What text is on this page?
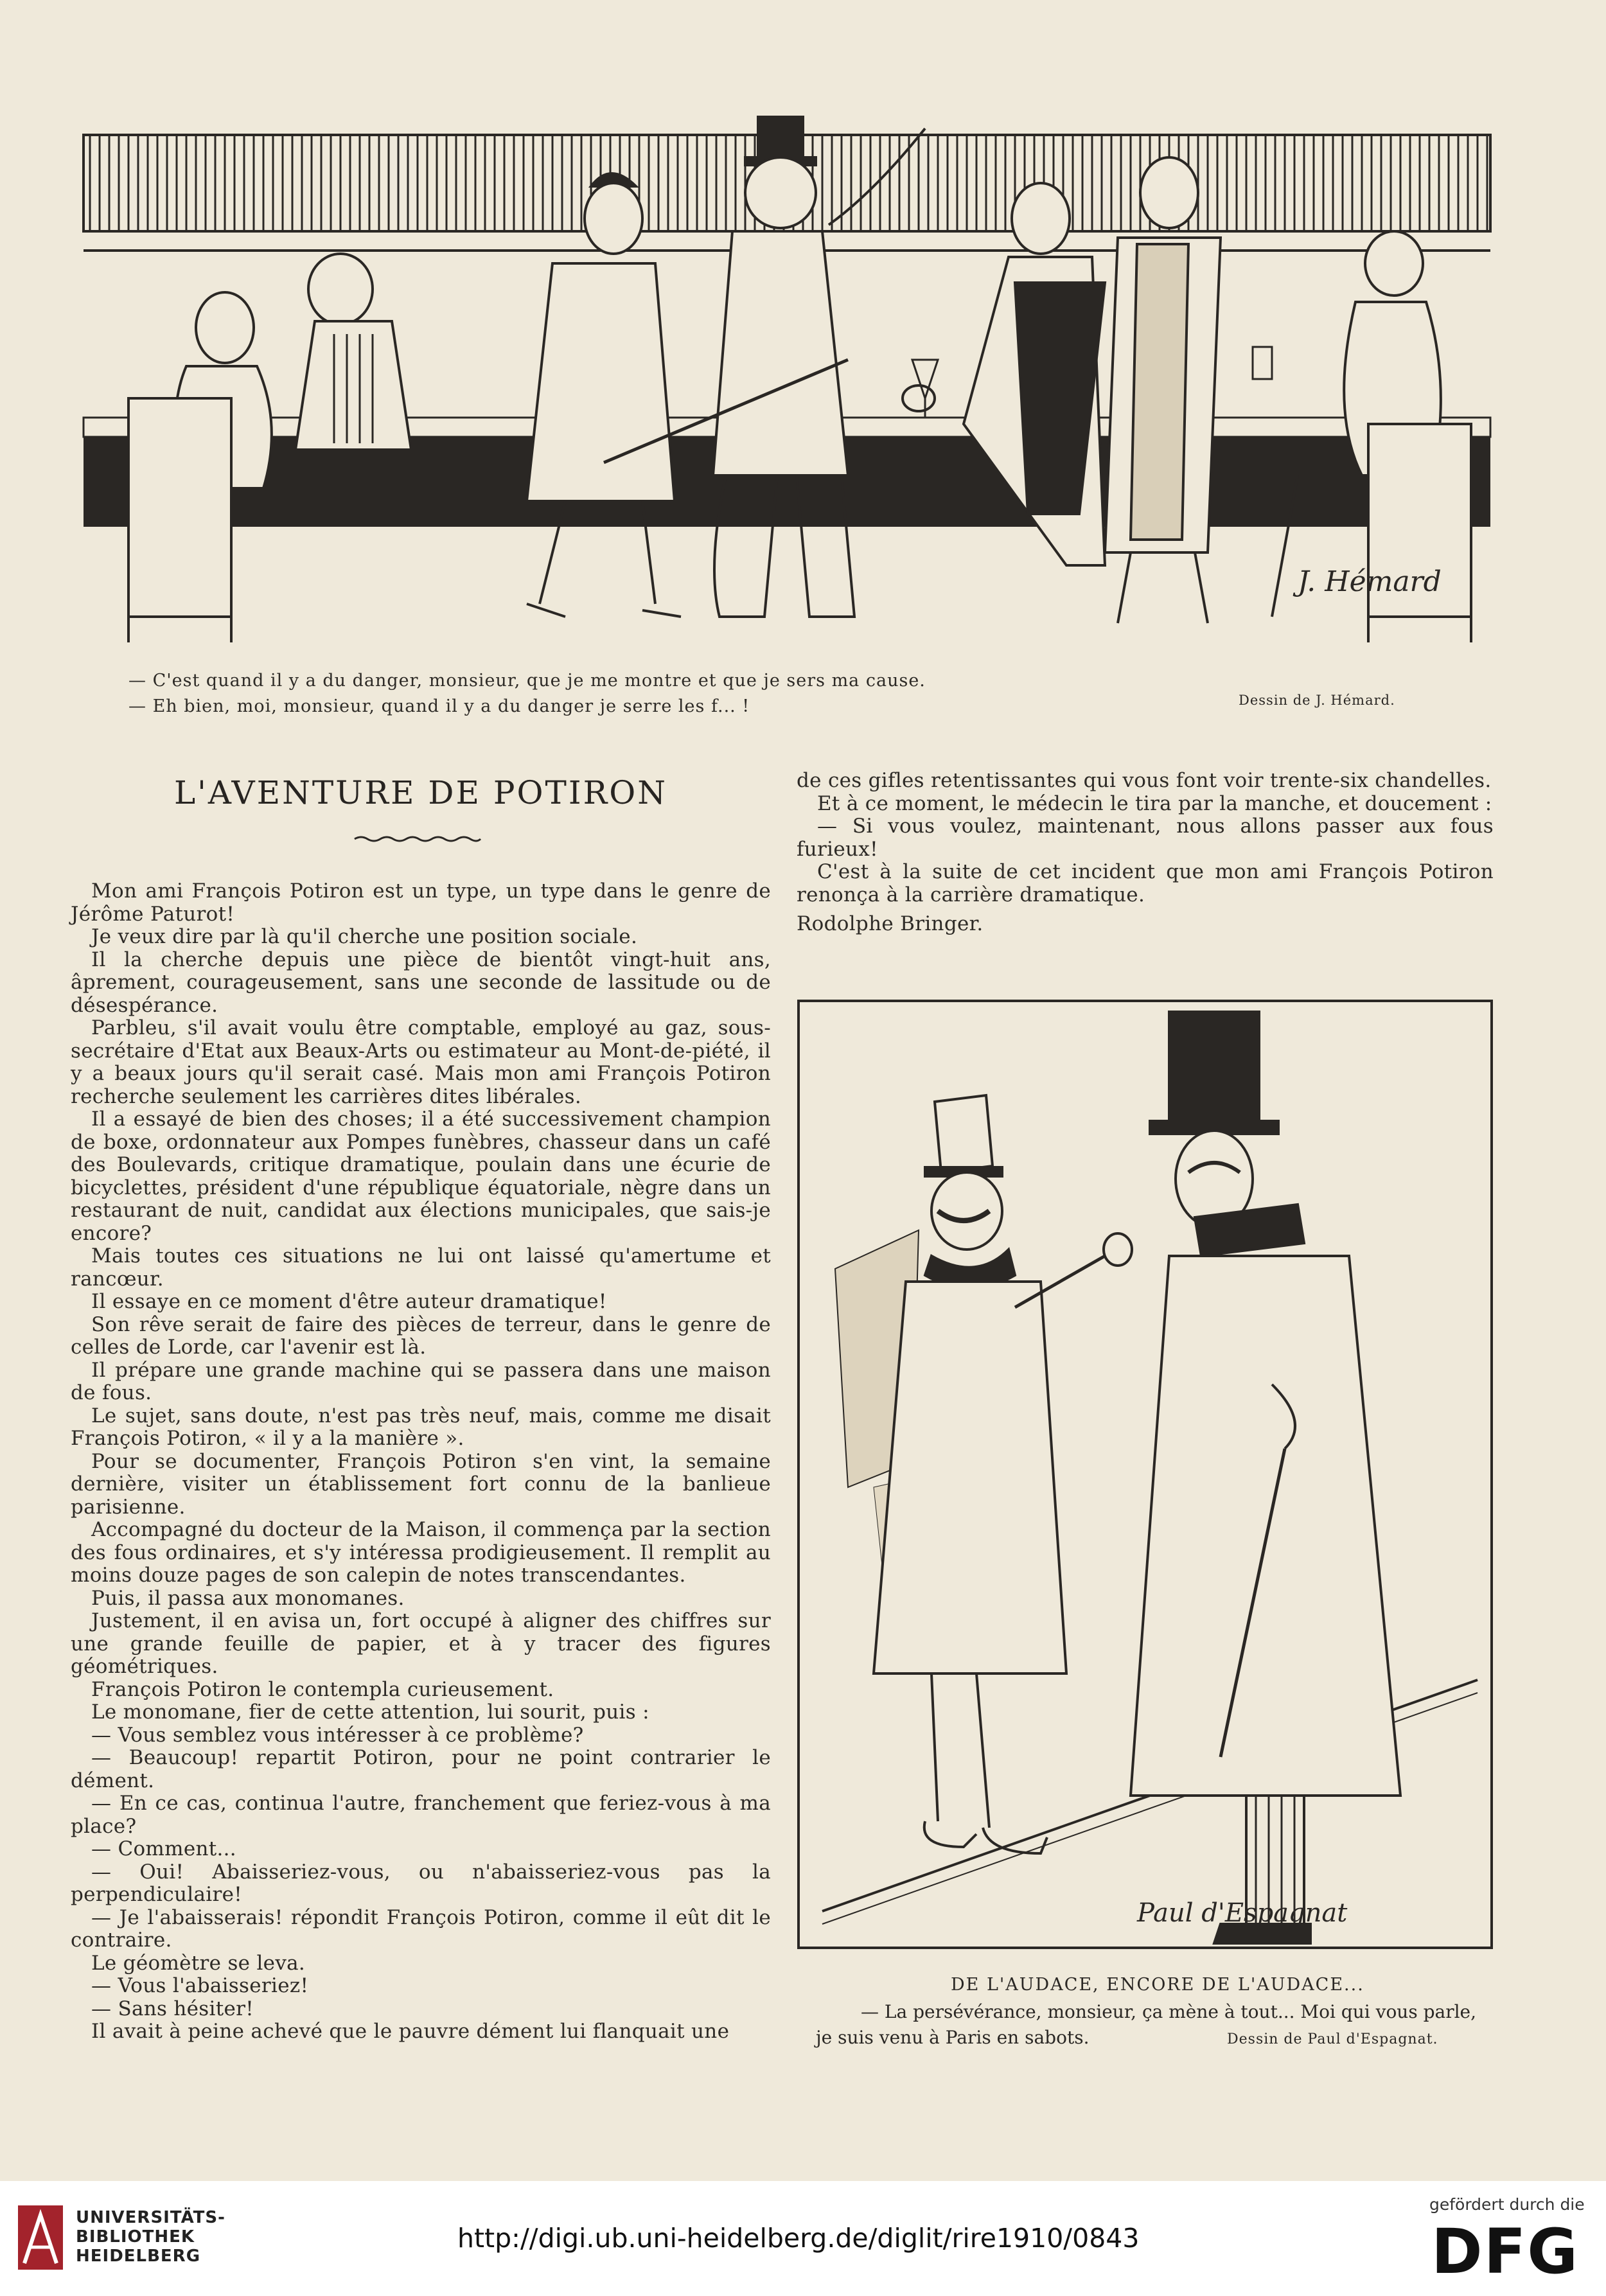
J. Hémard
— C'est quand il y a du danger, monsieur, que je me montre et que je sers ma cause.
— Eh bien, moi, monsieur, quand il y a du danger je serre les f... !	Dessin de J. Hémard.
L'AVENTURE DE POTIRON

Mon ami François Potiron est un type, un type dans le genre de Jérôme Paturot!

Je veux dire par là qu'il cherche une position sociale.

Il la cherche depuis une pièce de bientôt vingt-huit ans, âprement, courageusement, sans une seconde de lassitude ou de désespérance.

Parbleu, s'il avait voulu être comptable, employé au gaz, sous-secrétaire d'Etat aux Beaux-Arts ou estimateur au Mont-de-piété, il y a beaux jours qu'il serait casé. Mais mon ami François Potiron recherche seulement les carrières dites libérales.

Il a essayé de bien des choses; il a été successivement champion de boxe, ordonnateur aux Pompes funèbres, chasseur dans un café des Boulevards, critique dramatique, poulain dans une écurie de bicyclettes, président d'une république équatoriale, nègre dans un restaurant de nuit, candidat aux élections municipales, que sais-je encore?

Mais toutes ces situations ne lui ont laissé qu'amertume et rancœur.

Il essaye en ce moment d'être auteur dramatique!

Son rêve serait de faire des pièces de terreur, dans le genre de celles de Lorde, car l'avenir est là.

Il prépare une grande machine qui se passera dans une maison de fous.

Le sujet, sans doute, n'est pas très neuf, mais, comme me disait François Potiron, « il y a la manière ».

Pour se documenter, François Potiron s'en vint, la semaine dernière, visiter un établissement fort connu de la banlieue parisienne.

Accompagné du docteur de la Maison, il commença par la section des fous ordinaires, et s'y intéressa prodigieusement. Il remplit au moins douze pages de son calepin de notes transcendantes.

Puis, il passa aux monomanes.

Justement, il en avisa un, fort occupé à aligner des chiffres sur une grande feuille de papier, et à y tracer des figures géométriques.

François Potiron le contempla curieusement.

Le monomane, fier de cette attention, lui sourit, puis :

— Vous semblez vous intéresser à ce problème?

— Beaucoup! repartit Potiron, pour ne point contrarier le dément.

— En ce cas, continua l'autre, franchement que feriez-vous à ma place?

— Comment...

— Oui! Abaisseriez-vous, ou n'abaisseriez-vous pas la perpendiculaire!

— Je l'abaisserais! répondit François Potiron, comme il eût dit le contraire.

Le géomètre se leva.

— Vous l'abaisseriez!

— Sans hésiter!

Il avait à peine achevé que le pauvre dément lui flanquait une

de ces gifles retentissantes qui vous font voir trente-six chandelles.

Et à ce moment, le médecin le tira par la manche, et doucement :

— Si vous voulez, maintenant, nous allons passer aux fous furieux!

C'est à la suite de cet incident que mon ami François Potiron renonça à la carrière dramatique.

Rodolphe Bringer.

Paul d'Espagnat
DE L'AUDACE, ENCORE DE L'AUDACE...
— La persévérance, monsieur, ça mène à tout... Moi qui vous parle,
je suis venu à Paris en sabots.	Dessin de Paul d'Espagnat.
UNIVERSITÄTS-
BIBLIOTHEK
HEIDELBERG
http://digi.ub.uni-heidelberg.de/diglit/rire1910/0843
gefördert durch die
DFG
